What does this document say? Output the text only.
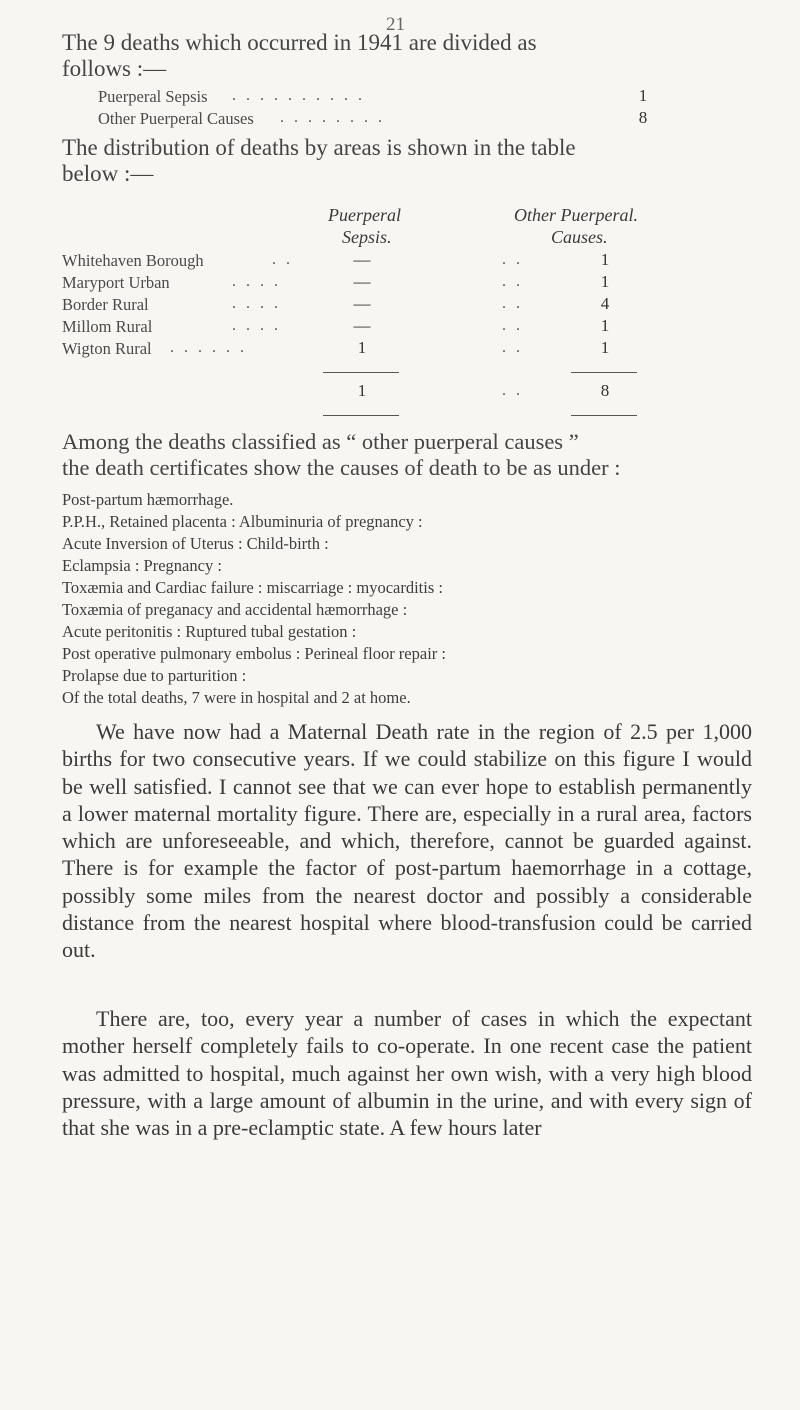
21
The 9 deaths which occurred in 1941 are divided as
follows :—
Puerperal Sepsis . . . . . . . . . .	1
Other Puerperal Causes . . . . . . . .	8
The distribution of deaths by areas is shown in the table
below :—
Puerperal
Sepsis.
Other Puerperal.
Causes.
Whitehaven Borough	. .	—	. .	1
Maryport Urban	. . . .	—	. .	1
Border Rural	. . . .	—	. .	4
Millom Rural	. . . .	—	. .	1
Wigton Rural . . . . . .	1	. .	1
1	. .	8
Among the deaths classified as “ other puerperal causes ”
the death certificates show the causes of death to be as under :
Post-partum hæmorrhage.
P.P.H., Retained placenta : Albuminuria of pregnancy :
Acute Inversion of Uterus : Child-birth :
Eclampsia : Pregnancy :
Toxæmia and Cardiac failure : miscarriage : myocarditis :
Toxæmia of preganacy and accidental hæmorrhage :
Acute peritonitis : Ruptured tubal gestation :
Post operative pulmonary embolus : Perineal floor repair :
Prolapse due to parturition :
Of the total deaths, 7 were in hospital and 2 at home.

We have now had a Maternal Death rate in the region of 2.5 per 1,000 births for two consecutive years. If we could stabilize on this figure I would be well satisfied. I cannot see that we can ever hope to establish permanently a lower maternal mortality figure. There are, especially in a rural area, factors which are unforeseeable, and which, therefore, cannot be guarded against. There is for example the factor of post-partum haemorrhage in a cottage, possibly some miles from the nearest doctor and possibly a considerable distance from the nearest hospital where blood-transfusion could be carried out.

There are, too, every year a number of cases in which the expectant mother herself completely fails to co-operate. In one recent case the patient was admitted to hospital, much against her own wish, with a very high blood pressure, with a large amount of albumin in the urine, and with every sign of that she was in a pre-eclamptic state. A few hours later
